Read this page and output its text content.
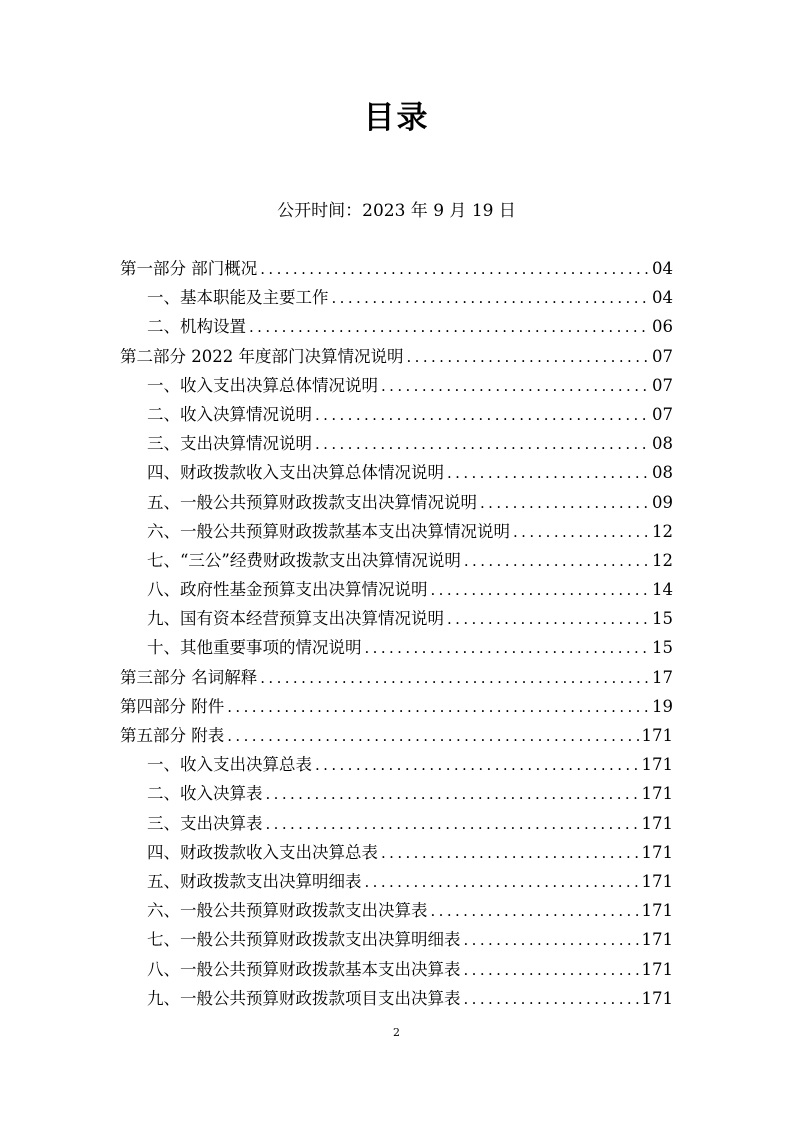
目录

公开时间：2023 年 9 月 19 日

第一部分 部门概况 .....	04
一、基本职能及主要工作 .....	04
二、机构设置 .....	06
第二部分 2022 年度部门决算情况说明 .....	07
一、收入支出决算总体情况说明 .....	07
二、收入决算情况说明 .....	07
三、支出决算情况说明 .....	08
四、财政拨款收入支出决算总体情况说明 .....	08
五、一般公共预算财政拨款支出决算情况说明 .....	09
六、一般公共预算财政拨款基本支出决算情况说明 .....	12
七、“三公”经费财政拨款支出决算情况说明 .....	12
八、政府性基金预算支出决算情况说明 .....	14
九、国有资本经营预算支出决算情况说明 .....	15
十、其他重要事项的情况说明 .....	15
第三部分 名词解释 .....	17
第四部分 附件 .....	19
第五部分 附表 .....	171
一、收入支出决算总表 .....	171
二、收入决算表 .....	171
三、支出决算表 .....	171
四、财政拨款收入支出决算总表 .....	171
五、财政拨款支出决算明细表 .....	171
六、一般公共预算财政拨款支出决算表 .....	171
七、一般公共预算财政拨款支出决算明细表 .....	171
八、一般公共预算财政拨款基本支出决算表 .....	171
九、一般公共预算财政拨款项目支出决算表 .....	171

2
